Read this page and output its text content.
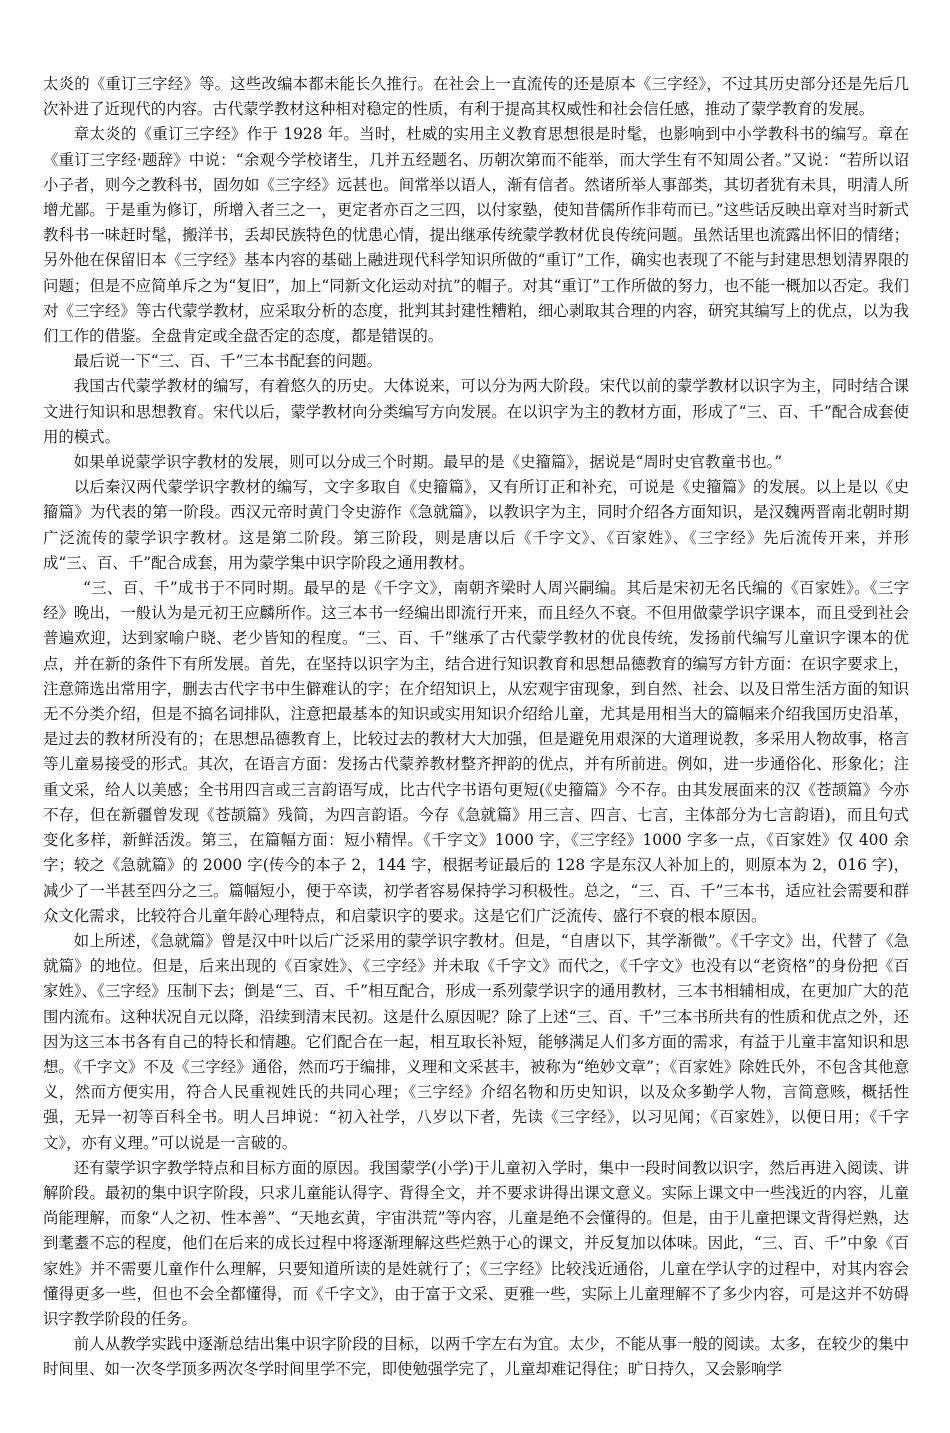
太炎的《重订三字经》等。这些改编本都未能长久推行。在社会上一直流传的还是原本《三字经》，不过其历史部分还是先后几次补进了近现代的内容。古代蒙学教材这种相对稳定的性质，有利于提高其权威性和社会信任感，推动了蒙学教育的发展。

章太炎的《重订三字经》作于 1928 年。当时，杜威的实用主义教育思想很是时髦，也影响到中小学教科书的编写。章在《重订三字经·题辞》中说：“余观今学校诸生，几并五经题名、历朝次第而不能举，而大学生有不知周公者。”又说：“若所以诏小子者，则今之教科书，固勿如《三字经》远甚也。间常举以语人，渐有信者。然诸所举人事部类，其切者犹有未具，明清人所增尤鄙。于是重为修订，所增入者三之一，更定者亦百之三四，以付家塾，使知昔儒所作非苟而已。”这些话反映出章对当时新式教科书一味赶时髦，搬洋书，丢却民族特色的忧患心情，提出继承传统蒙学教材优良传统问题。虽然话里也流露出怀旧的情绪；另外他在保留旧本《三字经》基本内容的基础上融进现代科学知识所做的“重订”工作，确实也表现了不能与封建思想划清界限的问题；但是不应简单斥之为“复旧”，加上“同新文化运动对抗”的帽子。对其“重订”工作所做的努力，也不能一概加以否定。我们对《三字经》等古代蒙学教材，应采取分析的态度，批判其封建性糟粕，细心剥取其合理的内容，研究其编写上的优点，以为我们工作的借鉴。全盘肯定或全盘否定的态度，都是错误的。

最后说一下“三、百、千”三本书配套的问题。

我国古代蒙学教材的编写，有着悠久的历史。大体说来，可以分为两大阶段。宋代以前的蒙学教材以识字为主，同时结合课文进行知识和思想教育。宋代以后，蒙学教材向分类编写方向发展。在以识字为主的教材方面，形成了“三、百、千”配合成套使用的模式。

如果单说蒙学识字教材的发展，则可以分成三个时期。最早的是《史籀篇》，据说是“周时史官教童书也。”

以后秦汉两代蒙学识字教材的编写，文字多取自《史籀篇》，又有所订正和补充，可说是《史籀篇》的发展。以上是以《史籀篇》为代表的第一阶段。西汉元帝时黄门令史游作《急就篇》，以教识字为主，同时介绍各方面知识，是汉魏两晋南北朝时期广泛流传的蒙学识字教材。这是第二阶段。第三阶段，则是唐以后《千字文》、《百家姓》、《三字经》先后流传开来，并形成“三、百、千”配合成套，用为蒙学集中识字阶段之通用教材。

“三、百、千”成书于不同时期。最早的是《千字文》，南朝齐梁时人周兴嗣编。其后是宋初无名氏编的《百家姓》。《三字经》晚出，一般认为是元初王应麟所作。这三本书一经编出即流行开来，而且经久不衰。不但用做蒙学识字课本，而且受到社会普遍欢迎，达到家喻户晓、老少皆知的程度。“三、百、千”继承了古代蒙学教材的优良传统，发扬前代编写儿童识字课本的优点，并在新的条件下有所发展。首先，在坚持以识字为主，结合进行知识教育和思想品德教育的编写方针方面：在识字要求上，注意筛选出常用字，删去古代字书中生僻难认的字；在介绍知识上，从宏观宇宙现象，到自然、社会、以及日常生活方面的知识无不分类介绍，但是不搞名词排队，注意把最基本的知识或实用知识介绍给儿童，尤其是用相当大的篇幅来介绍我国历史沿革，是过去的教材所没有的；在思想品德教育上，比较过去的教材大大加强，但是避免用艰深的大道理说教，多采用人物故事，格言等儿童易接受的形式。其次，在语言方面：发扬古代蒙养教材整齐押韵的优点，并有所前进。例如，进一步通俗化、形象化；注重文采，给人以美感；全书用四言或三言韵语写成，比古代字书语句更短(《史籀篇》今不存。由其发展面来的汉《苍颉篇》今亦不存，但在新疆曾发现《苍颉篇》残简，为四言韵语。今存《急就篇》用三言、四言、七言，主体部分为七言韵语)，而且句式变化多样，新鲜活泼。第三，在篇幅方面：短小精悍。《千字文》1000 字，《三字经》1000 字多一点，《百家姓》仅 400 余字；较之《急就篇》的 2000 字(传今的本子 2，144 字，根据考证最后的 128 字是东汉人补加上的，则原本为 2，016 字)，减少了一半甚至四分之三。篇幅短小，便于卒读，初学者容易保持学习积极性。总之，“三、百、千”三本书，适应社会需要和群众文化需求，比较符合儿童年龄心理特点，和启蒙识字的要求。这是它们广泛流传、盛行不衰的根本原因。

如上所述，《急就篇》曾是汉中叶以后广泛采用的蒙学识字教材。但是，“自唐以下，其学渐微”。《千字文》出，代替了《急就篇》的地位。但是，后来出现的《百家姓》、《三字经》并未取《千字文》而代之，《千字文》也没有以“老资格”的身份把《百家姓》、《三字经》压制下去；倒是“三、百、千”相互配合，形成一系列蒙学识字的通用教材，三本书相辅相成，在更加广大的范围内流布。这种状况自元以降，沿续到清末民初。这是什么原因呢？除了上述“三、百、千”三本书所共有的性质和优点之外，还因为这三本书各有自己的特长和情趣。它们配合在一起，相互取长补短，能够满足人们多方面的需求，有益于儿童丰富知识和思想。《千字文》不及《三字经》通俗，然而巧于编排，义理和文采甚丰，被称为“绝妙文章”；《百家姓》除姓氏外，不包含其他意义，然而方便实用，符合人民重视姓氏的共同心理；《三字经》介绍名物和历史知识，以及众多勤学人物，言简意赅，概括性强，无异一初等百科全书。明人吕坤说：“初入社学，八岁以下者，先读《三字经》，以习见闻；《百家姓》，以便日用；《千字文》，亦有义理。”可以说是一言破的。

还有蒙学识字教学特点和目标方面的原因。我国蒙学(小学)于儿童初入学时，集中一段时间教以识字，然后再进入阅读、讲解阶段。最初的集中识字阶段，只求儿童能认得字、背得全文，并不要求讲得出课文意义。实际上课文中一些浅近的内容，儿童尚能理解，而象“人之初、性本善”、“天地玄黄，宇宙洪荒”等内容，儿童是绝不会懂得的。但是，由于儿童把课文背得烂熟，达到耄耋不忘的程度，他们在后来的成长过程中将逐渐理解这些烂熟于心的课文，并反复加以体味。因此，“三、百、千”中象《百家姓》并不需要儿童作什么理解，只要知道所读的是姓就行了；《三字经》比较浅近通俗，儿童在学认字的过程中，对其内容会懂得更多一些，但也不会全都懂得，而《千字文》，由于富于文采、更雅一些，实际上儿童理解不了多少内容，可是这并不妨碍识字教学阶段的任务。

前人从教学实践中逐渐总结出集中识字阶段的目标，以两千字左右为宜。太少，不能从事一般的阅读。太多，在较少的集中时间里、如一次冬学顶多两次冬学时间里学不完，即使勉强学完了，儿童却难记得住；旷日持久，又会影响学
